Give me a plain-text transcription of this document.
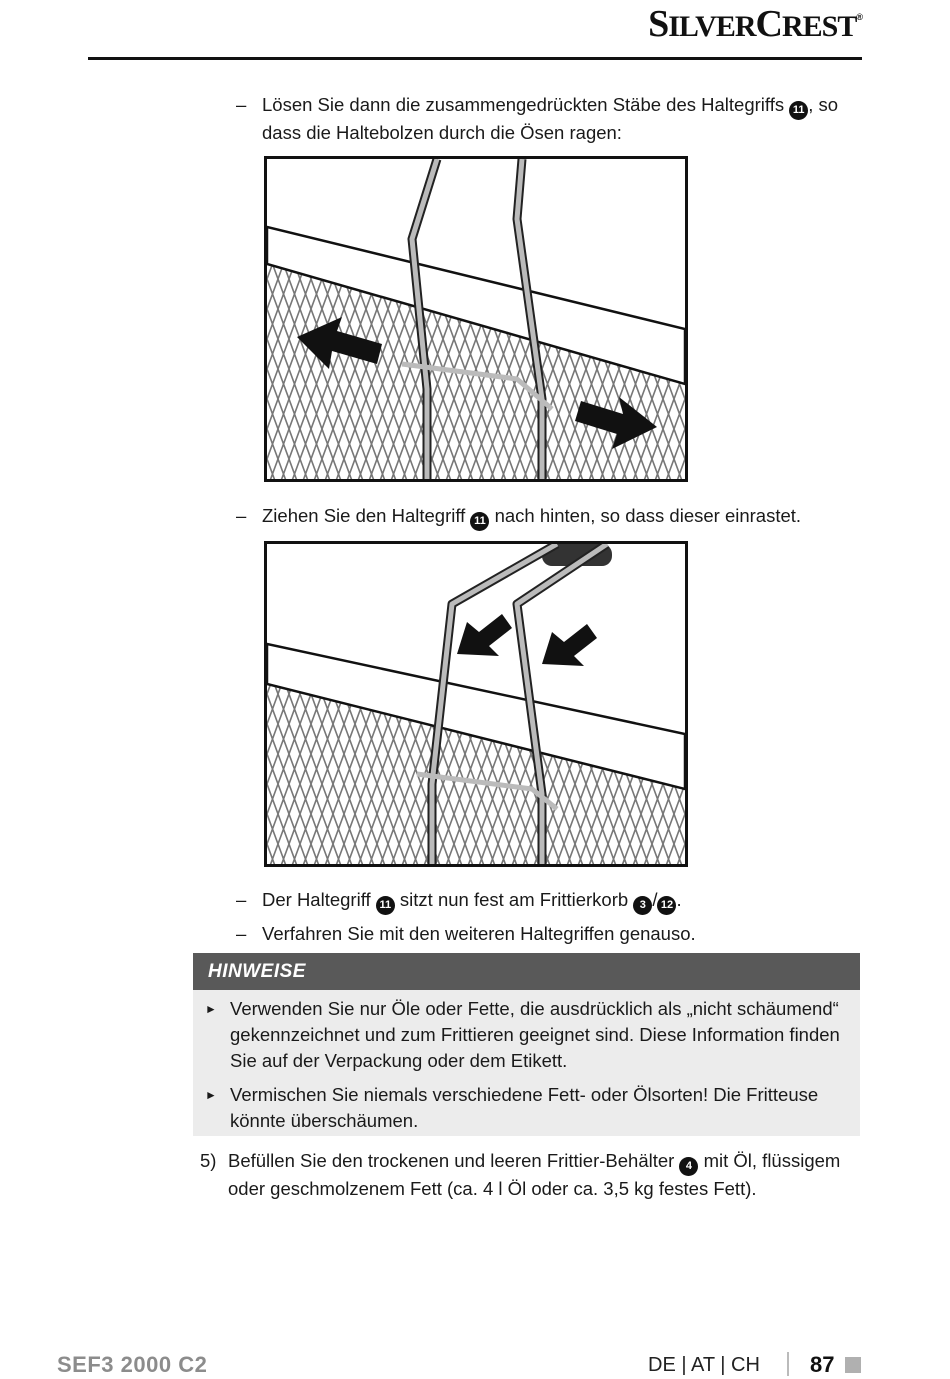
SILVERCREST®
– Lösen Sie dann die zusammengedrückten Stäbe des Haltegriffs 11 , so dass die Haltebolzen durch die Ösen ragen:
– Ziehen Sie den Haltegriff 11 nach hinten, so dass dieser einrastet.
– Der Haltegriff 11 sitzt nun fest am Frittierkorb 3 / 12 .
– Verfahren Sie mit den weiteren Haltegriffen genauso.
HINWEISE
► Verwenden Sie nur Öle oder Fette, die ausdrücklich als „nicht schäumend“ gekennzeichnet und zum Frittieren geeignet sind. Diese Information finden Sie auf der Verpackung oder dem Etikett.
► Vermischen Sie niemals verschiedene Fett- oder Ölsorten! Die Fritteuse könnte überschäumen.
5) Befüllen Sie den trockenen und leeren Frittier-Behälter 4 mit Öl, flüssigem oder geschmolzenem Fett (ca. 4 l Öl oder ca. 3,5 kg festes Fett).
SEF3 2000 C2	DE | AT | CH 87
